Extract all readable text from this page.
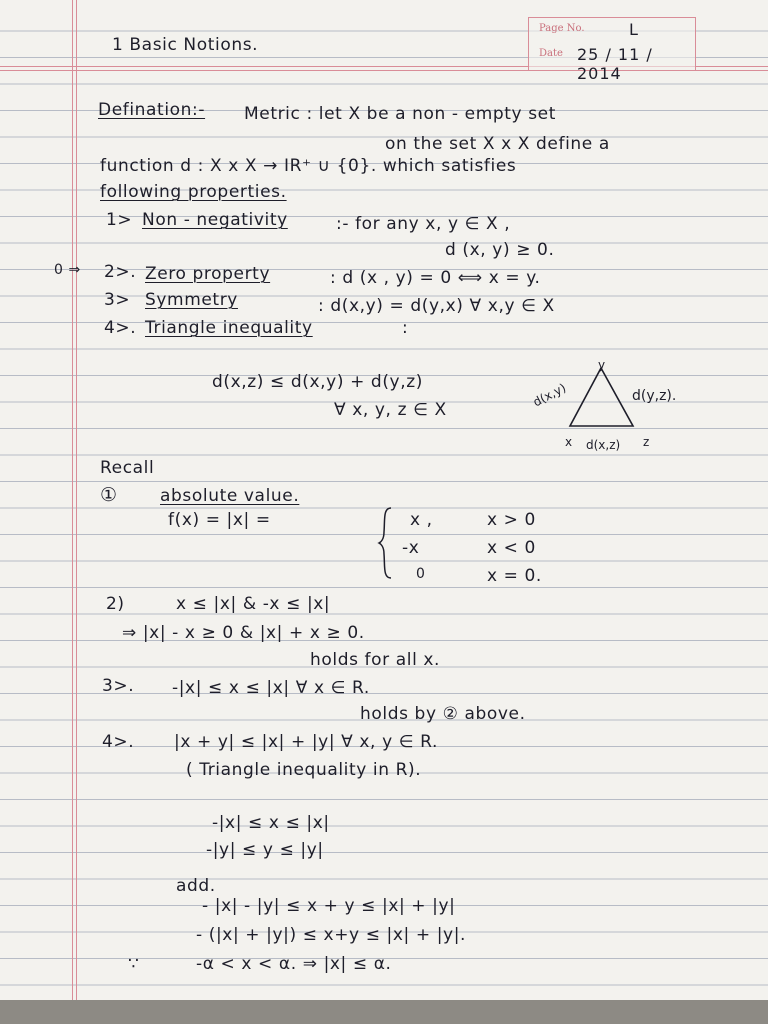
1 Basic Notions.
Page No.	L
Date 25 / 11 / 2014
Defination:- Metric : let X be a non - empty set
on the set X x X define a
function d : X x X → IR⁺ ∪ {0}. which satisfies
following properties.
1> Non - negativity	:- for any x, y ∈ X ,
d (x, y) ≥ 0.
0 ⇒ 2>. Zero property	: d (x , y) = 0 ⟺ x = y.
3> Symmetry	: d(x,y) = d(y,x) ∀ x,y ∈ X
4>. Triangle inequality	:
d(x,z) ≤ d(x,y) + d(y,z)
∀ x, y, z ∈ X
y
d(x,y)	d(y,z).
x d(x,z) z
Recall
① absolute value.
f(x) = |x| =	x ,	x > 0
-x	x < 0
0	x = 0.
2)	x ≤ |x| & -x ≤ |x|
⇒ |x| - x ≥ 0 & |x| + x ≥ 0.
holds for all x.
3>. -|x| ≤ x ≤ |x| ∀ x ∈ R.
holds by ② above.
4>. |x + y| ≤ |x| + |y| ∀ x, y ∈ R.
( Triangle inequality in R).
-|x| ≤ x ≤ |x|
-|y| ≤ y ≤ |y|
add.
- |x| - |y| ≤ x + y ≤ |x| + |y|
- (|x| + |y|) ≤ x+y ≤ |x| + |y|.
∵	-α < x < α. ⇒ |x| ≤ α.
